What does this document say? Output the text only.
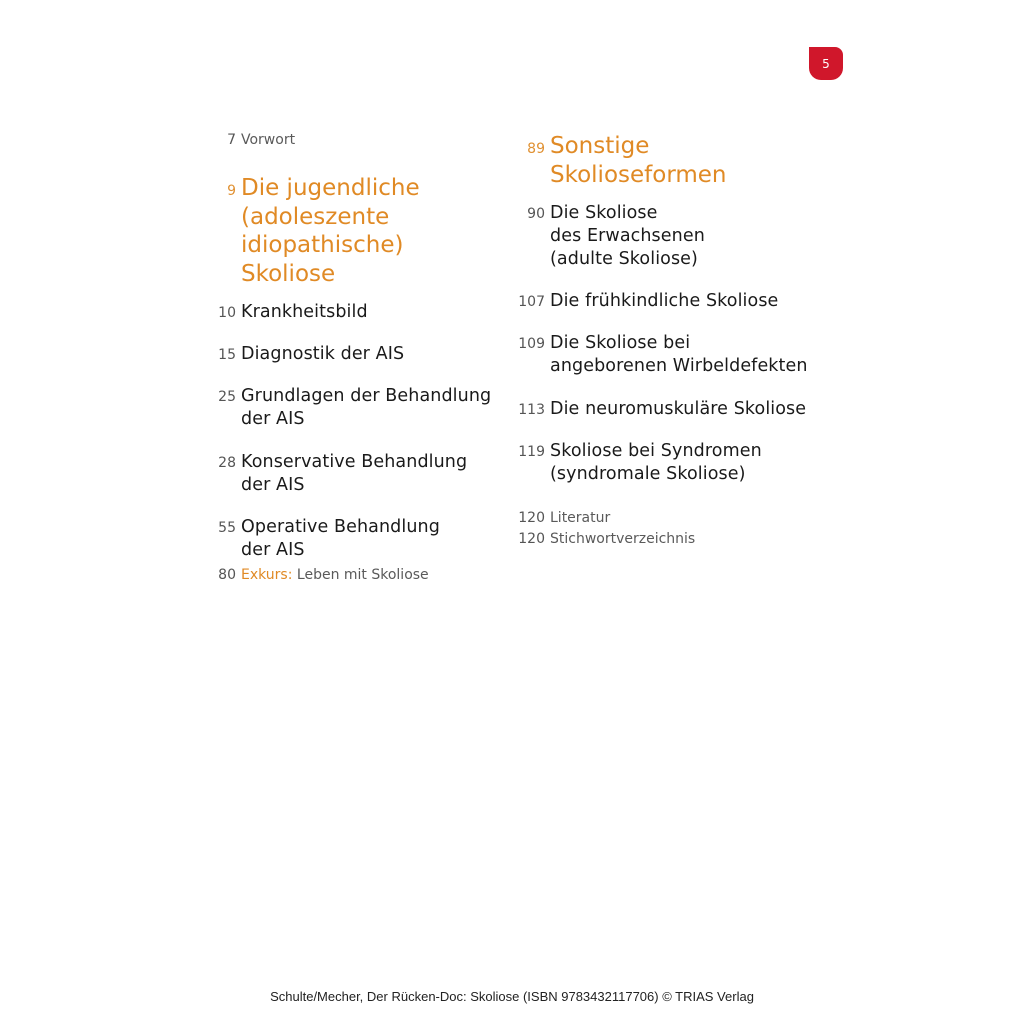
5
7 Vorwort
9 Die jugendliche
(adoleszente
idiopathische)
Skoliose
10 Krankheitsbild
15 Diagnostik der AIS
25 Grundlagen der Behandlung
der AIS
28 Konservative Behandlung
der AIS
55 Operative Behandlung
der AIS
80 Exkurs: Leben mit Skoliose
89 Sonstige
Skolioseformen
90 Die Skoliose
des Erwachsenen
(adulte Skoliose)
107 Die frühkindliche Skoliose
109 Die Skoliose bei
angeborenen Wirbeldefekten
113 Die neuromuskuläre Skoliose
119 Skoliose bei Syndromen
(syndromale Skoliose)
120 Literatur
120 Stichwortverzeichnis
Schulte/Mecher, Der Rücken-Doc: Skoliose (ISBN 9783432117706) © TRIAS Verlag
